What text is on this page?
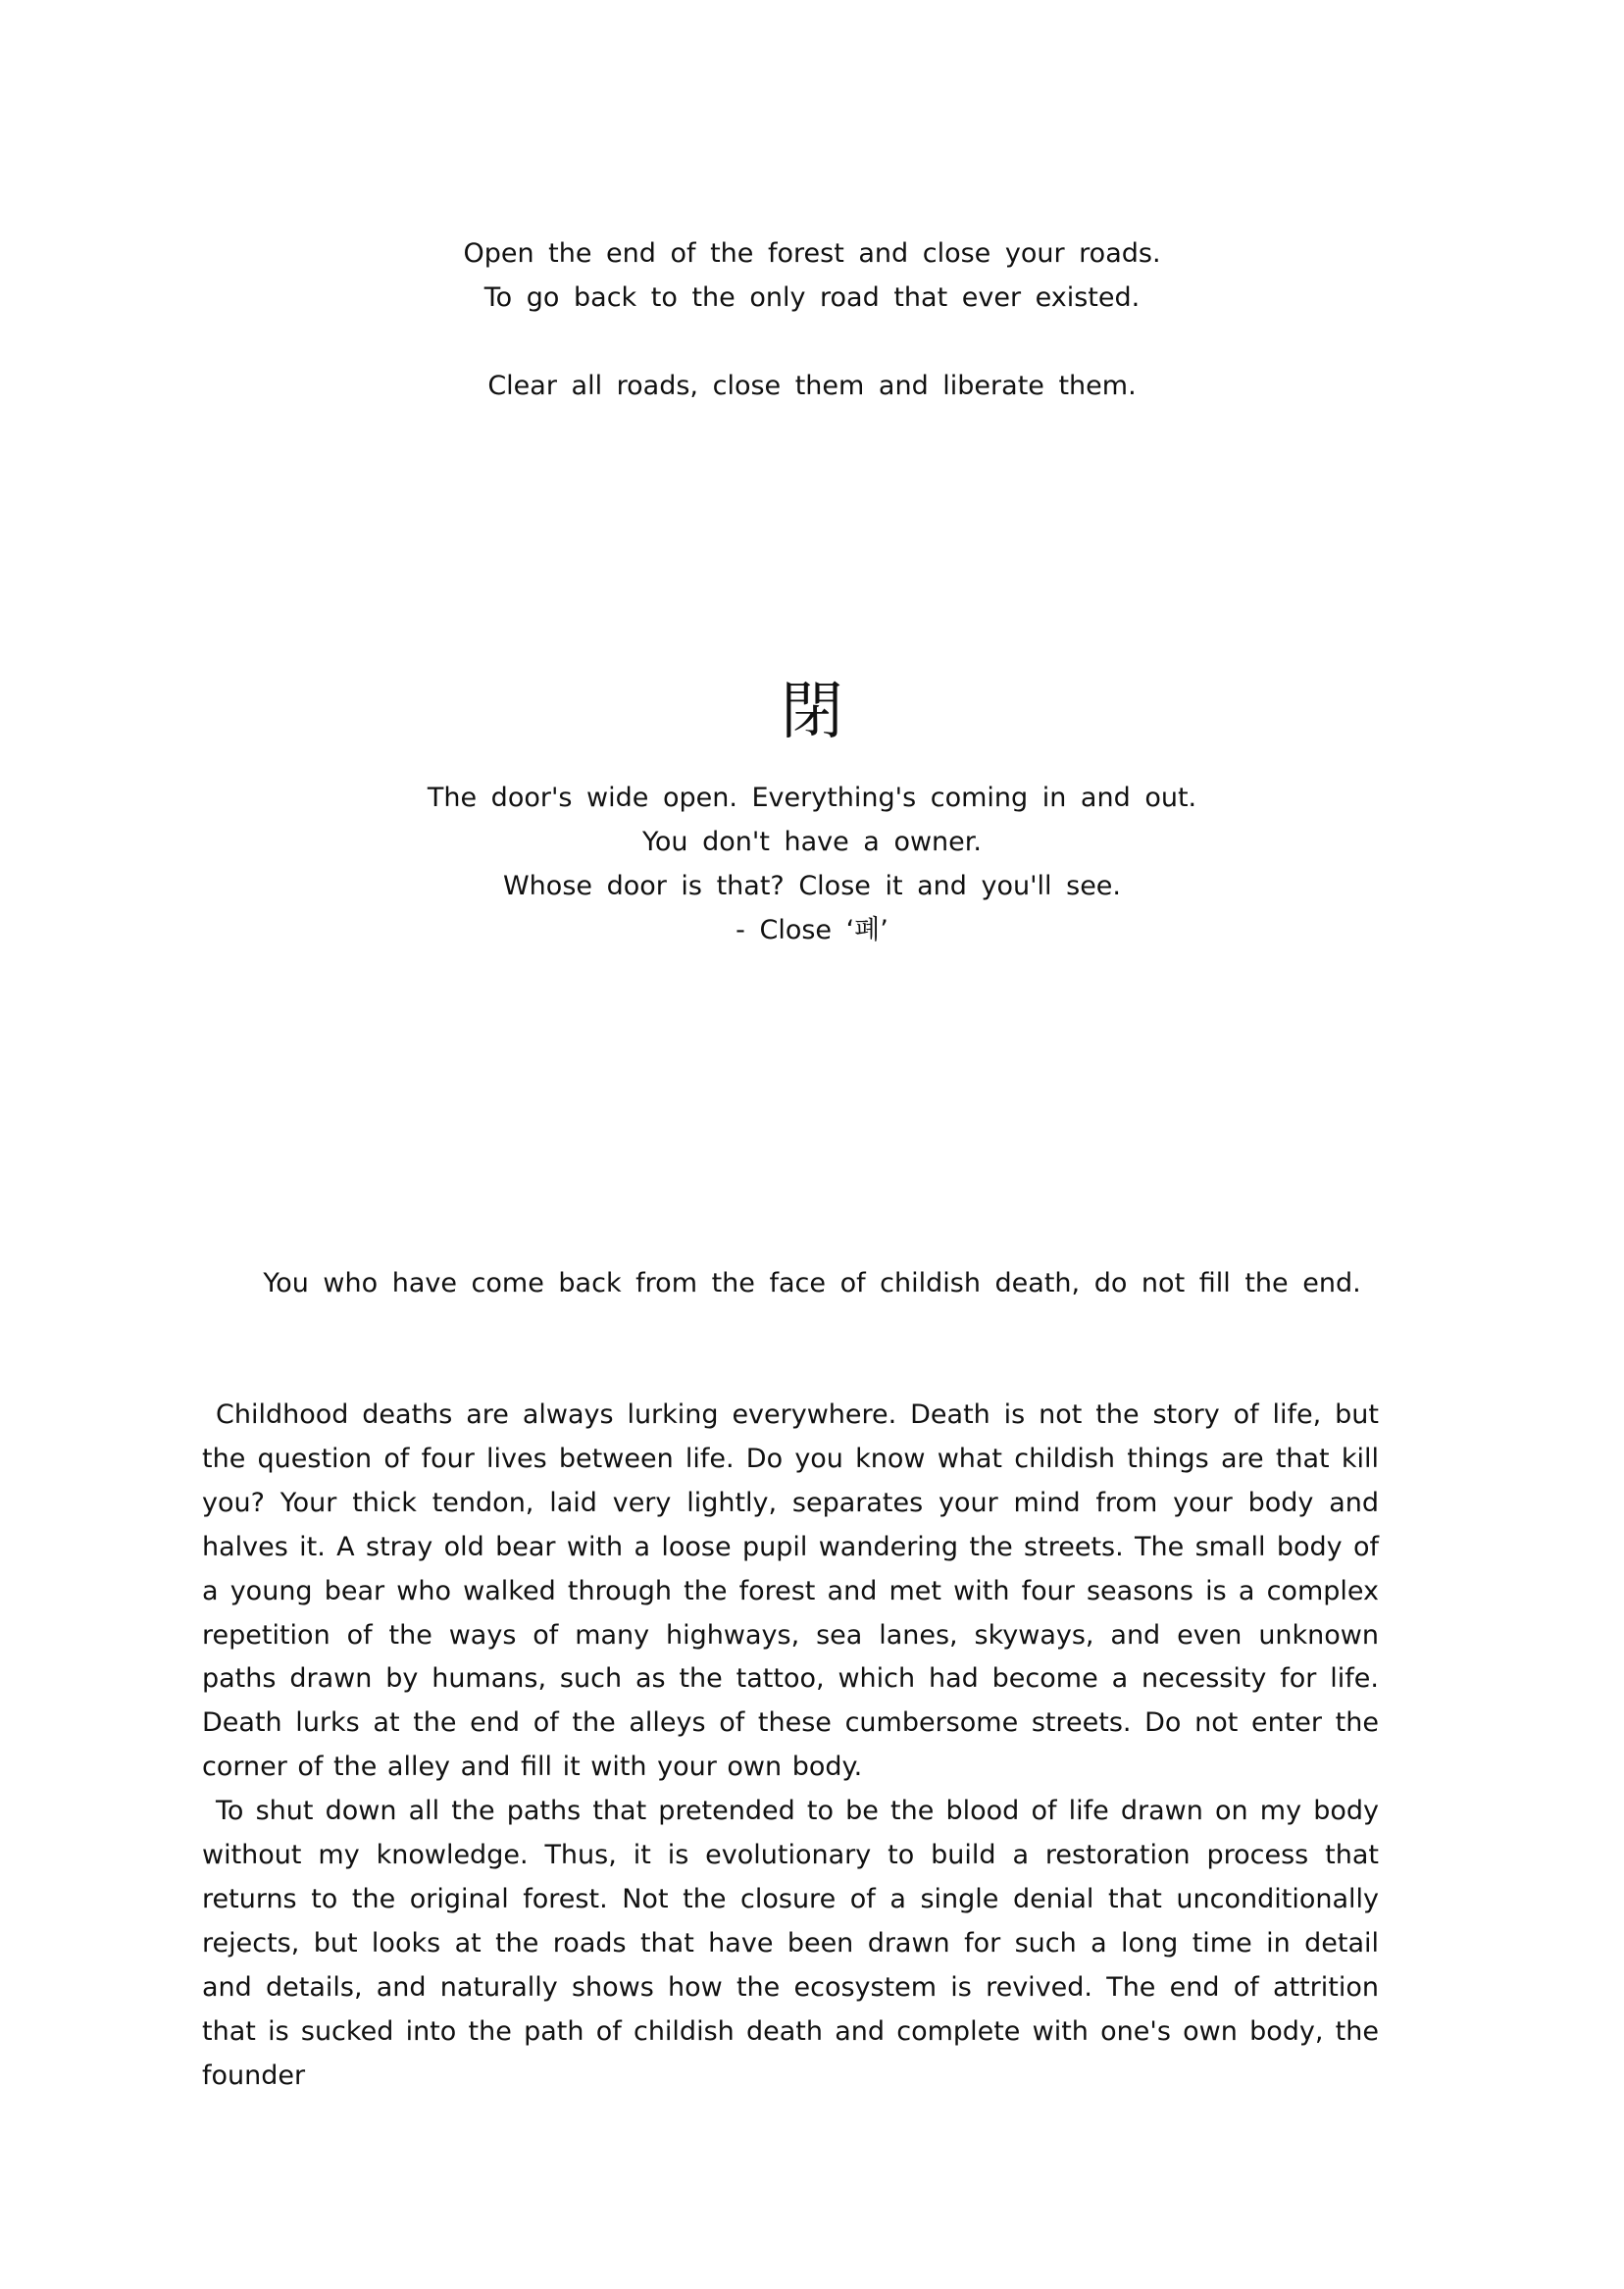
Open the end of the forest and close your roads.
To go back to the only road that ever existed.
Clear all roads, close them and liberate them.
閉
The door's wide open. Everything's coming in and out.
You don't have a owner.
Whose door is that? Close it and you'll see.
- Close ‘폐’
You who have come back from the face of childish death, do not fill the end.

Childhood deaths are always lurking everywhere. Death is not the story of life, but the question of four lives between life. Do you know what childish things are that kill you? Your thick tendon, laid very lightly, separates your mind from your body and halves it. A stray old bear with a loose pupil wandering the streets. The small body of a young bear who walked through the forest and met with four seasons is a complex repetition of the ways of many highways, sea lanes, skyways, and even unknown paths drawn by humans, such as the tattoo, which had become a necessity for life. Death lurks at the end of the alleys of these cumbersome streets. Do not enter the corner of the alley and fill it with your own body.

To shut down all the paths that pretended to be the blood of life drawn on my body without my knowledge. Thus, it is evolutionary to build a restoration process that returns to the original forest. Not the closure of a single denial that unconditionally rejects, but looks at the roads that have been drawn for such a long time in detail and details, and naturally shows how the ecosystem is revived. The end of attrition that is sucked into the path of childish death and complete with one's own body, the founder
